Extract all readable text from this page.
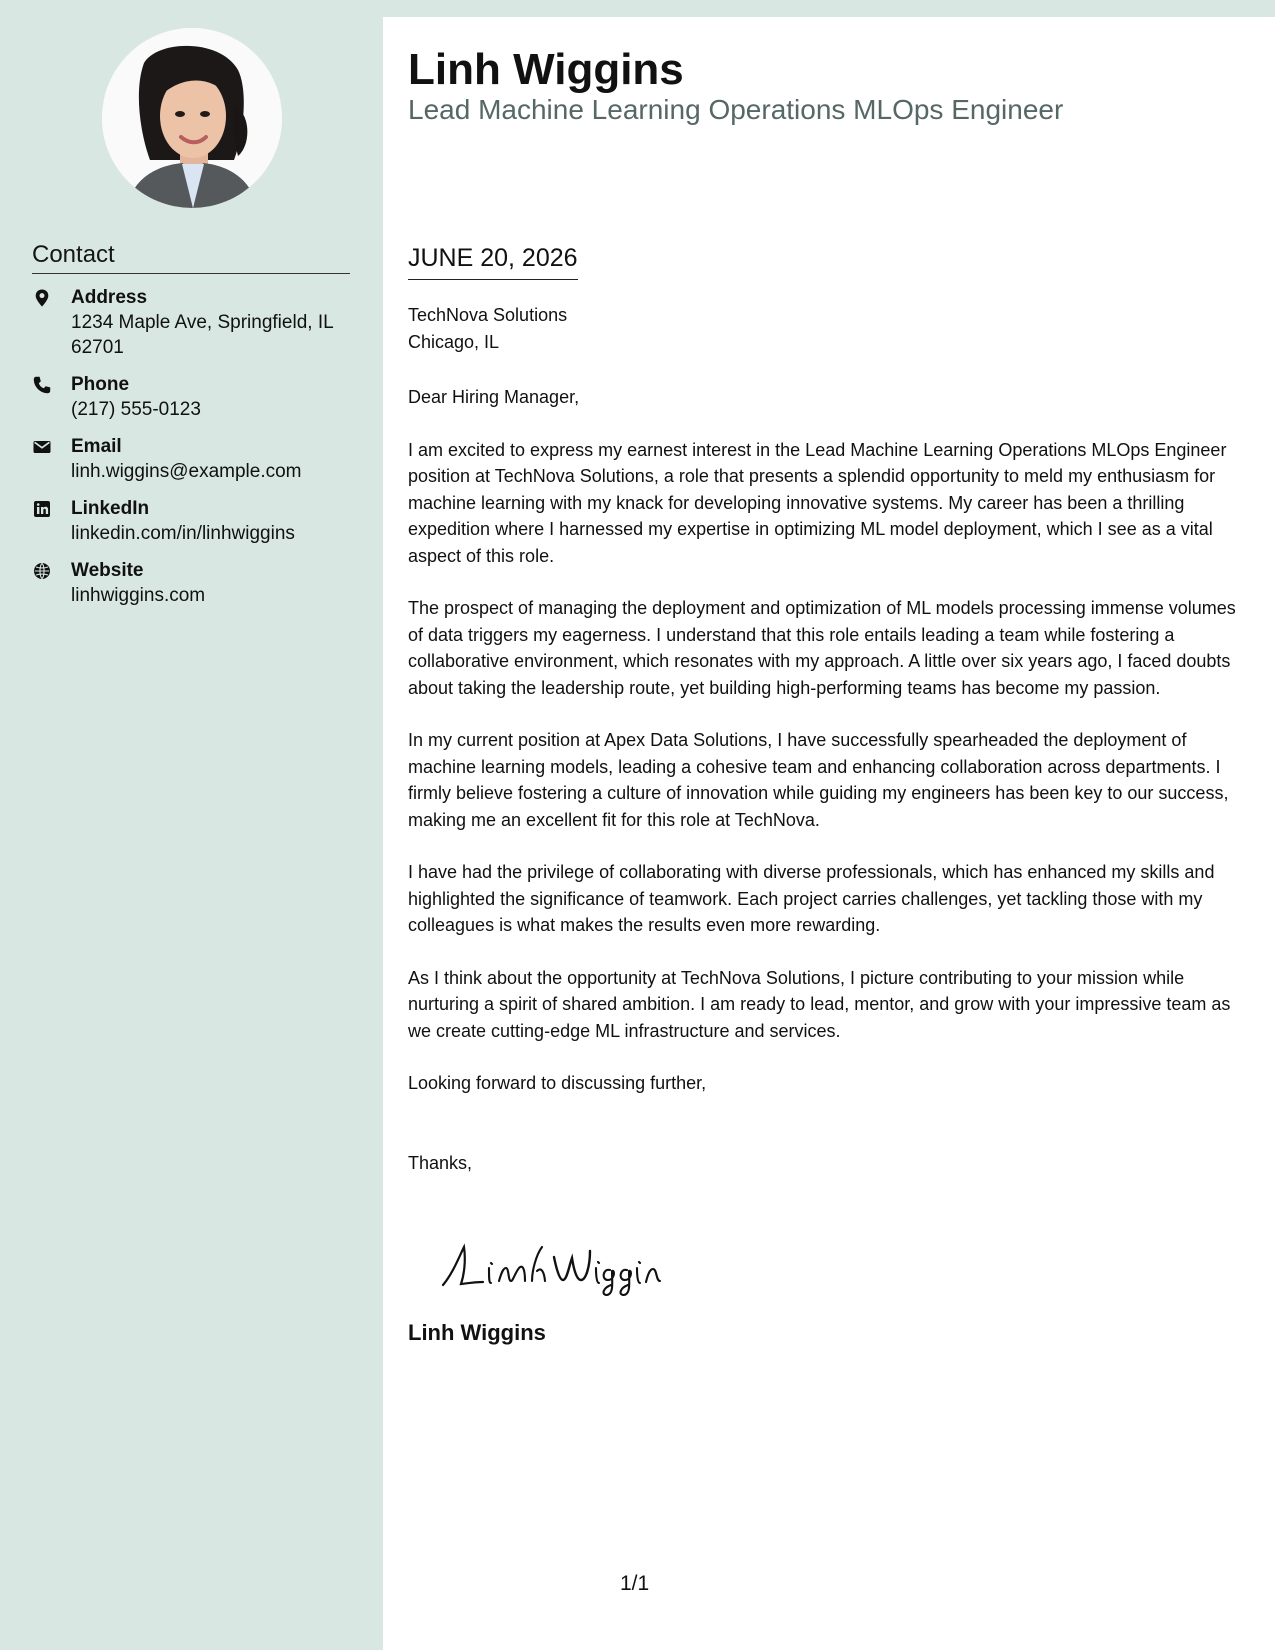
Contact
Address
1234 Maple Ave, Springfield, IL 62701
Phone
(217) 555-0123
Email
linh.wiggins@example.com
LinkedIn
linkedin.com/in/linhwiggins
Website
linhwiggins.com
Linh Wiggins
Lead Machine Learning Operations MLOps Engineer
JUNE 20, 2026
TechNova Solutions
Chicago, IL

Dear Hiring Manager,

I am excited to express my earnest interest in the Lead Machine Learning Operations MLOps Engineer position at TechNova Solutions, a role that presents a splendid opportunity to meld my enthusiasm for machine learning with my knack for developing innovative systems. My career has been a thrilling expedition where I harnessed my expertise in optimizing ML model deployment, which I see as a vital aspect of this role.

The prospect of managing the deployment and optimization of ML models processing immense volumes of data triggers my eagerness. I understand that this role entails leading a team while fostering a collaborative environment, which resonates with my approach. A little over six years ago, I faced doubts about taking the leadership route, yet building high-performing teams has become my passion.

In my current position at Apex Data Solutions, I have successfully spearheaded the deployment of machine learning models, leading a cohesive team and enhancing collaboration across departments. I firmly believe fostering a culture of innovation while guiding my engineers has been key to our success, making me an excellent fit for this role at TechNova.

I have had the privilege of collaborating with diverse professionals, which has enhanced my skills and highlighted the significance of teamwork. Each project carries challenges, yet tackling those with my colleagues is what makes the results even more rewarding.

As I think about the opportunity at TechNova Solutions, I picture contributing to your mission while nurturing a spirit of shared ambition. I am ready to lead, mentor, and grow with your impressive team as we create cutting-edge ML infrastructure and services.

Looking forward to discussing further,

Thanks,

Linh Wiggins
1/1
